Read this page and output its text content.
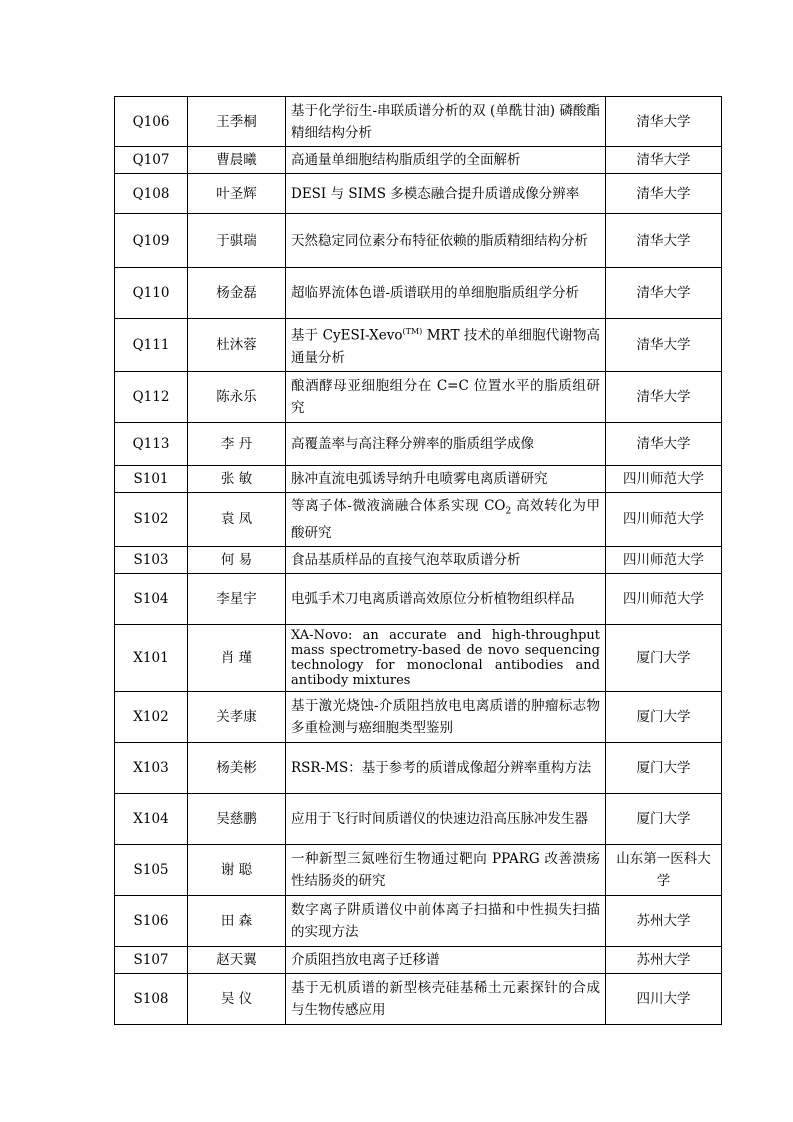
Q106	王季桐	基于化学衍生-串联质谱分析的双 (单酰甘油) 磷酸酯精细结构分析	清华大学
Q107	曹晨曦	高通量单细胞结构脂质组学的全面解析	清华大学
Q108	叶圣辉	DESI 与 SIMS 多模态融合提升质谱成像分辨率	清华大学
Q109	于骐瑞	天然稳定同位素分布特征依赖的脂质精细结构分析	清华大学
Q110	杨金磊	超临界流体色谱-质谱联用的单细胞脂质组学分析	清华大学
Q111	杜沐蓉	基于 CyESI-Xevo$^{(TM)}$ MRT 技术的单细胞代谢物高通量分析	清华大学
Q112	陈永乐	酿酒酵母亚细胞组分在 C=C 位置水平的脂质组研究	清华大学
Q113	李 丹	高覆盖率与高注释分辨率的脂质组学成像	清华大学
S101	张 敏	脉冲直流电弧诱导纳升电喷雾电离质谱研究	四川师范大学
S102	袁 凤	等离子体-微液滴融合体系实现 $CO_2$ 高效转化为甲酸研究	四川师范大学
S103	何 易	食品基质样品的直接气泡萃取质谱分析	四川师范大学
S104	李星宇	电弧手术刀电离质谱高效原位分析植物组织样品	四川师范大学
X101	肖 瑾	XA-Novo: an accurate and high-throughput mass spectrometry-based de novo sequencing technology for monoclonal antibodies and antibody mixtures	厦门大学
X102	关孝康	基于激光烧蚀-介质阻挡放电电离质谱的肿瘤标志物多重检测与癌细胞类型鉴别	厦门大学
X103	杨美彬	RSR-MS：基于参考的质谱成像超分辨率重构方法	厦门大学
X104	吴慈鹏	应用于飞行时间质谱仪的快速边沿高压脉冲发生器	厦门大学
S105	谢 聪	一种新型三氮唑衍生物通过靶向 PPARG 改善溃疡性结肠炎的研究	山东第一医科大学
S106	田 森	数字离子阱质谱仪中前体离子扫描和中性损失扫描的实现方法	苏州大学
S107	赵天翼	介质阻挡放电离子迁移谱	苏州大学
S108	吴 仪	基于无机质谱的新型核壳硅基稀土元素探针的合成与生物传感应用	四川大学
